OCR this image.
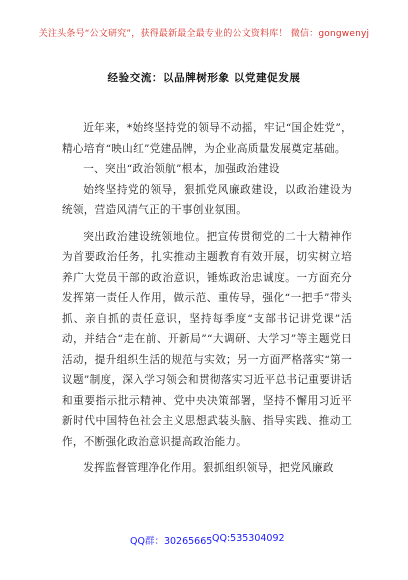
关注头条号“公文研究”，获得最新最全最专业的公文资料库！ 微信：gongwenyj
经验交流：以品牌树形象 以党建促发展

近年来，*始终坚持党的领导不动摇，牢记“国企姓党”，精心培育“映山红”党建品牌，为企业高质量发展奠定基础。

一、突出“政治领航”根本，加强政治建设

始终坚持党的领导，狠抓党风廉政建设，以政治建设为统领，营造风清气正的干事创业氛围。

突出政治建设统领地位。把宣传贯彻党的二十大精神作为首要政治任务，扎实推动主题教育有效开展，切实树立培养广大党员干部的政治意识，锤炼政治忠诚度。一方面充分发挥第一责任人作用，做示范、重传导，强化“一把手”带头抓、亲自抓的责任意识，坚持每季度“支部书记讲党课”活动，并结合“走在前、开新局”“大调研、大学习”等主题党日活动，提升组织生活的规范与实效；另一方面严格落实“第一议题”制度，深入学习领会和贯彻落实习近平总书记重要讲话和重要指示批示精神、党中央决策部署，坚持不懈用习近平新时代中国特色社会主义思想武装头脑、指导实践、推动工作，不断强化政治意识提高政治能力。

发挥监督管理净化作用。狠抓组织领导，把党风廉政

QQ群：30265665 QQ:535304092
